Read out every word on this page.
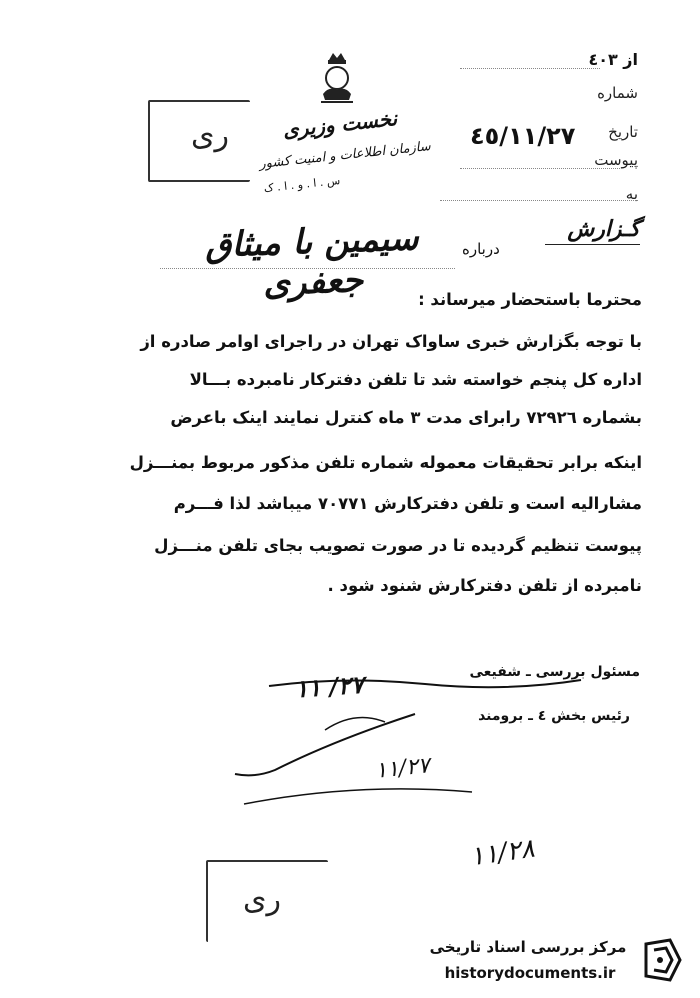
از ٤٠٣
شماره
تاریخ
٤٥/١١/٢٧
پیوست
به
ری	نخست وزیری
سازمان اطلاعات و امنیت کشور
س . ا . و . ا . ک
گـزارش
درباره
سیمین با میثاق جعفری	محترما باستحضار میرساند :
با توجه بگزارش خبری ساواک تهران در راجرای اوامر صادره از
اداره کل پنجم خواسته شد تا تلفن دفترکار نامبرده بـــالا
بشماره ٧٢٩٢٦ رابرای مدت ٣ ماه کنترل نمایند اینک باعرض
اینکه برابر تحقیقات معموله شماره تلفن مذکور مربوط بمنـــزل
مشارالیه است و تلفن دفترکارش ٧٠٧٧١ میباشد لذا فـــرم
پیوست تنظیم گردیده تا در صورت تصویب بجای تلفن منـــزل
نامبرده از تلفن دفترکارش شنود شود .
مسئول بررسی ـ شفیعی
٢٧/ ١١
رئیس بخش ٤ ـ برومند
١١/٢٧
١١/٢٨
ری
مرکز بررسی اسناد تاریخی
historydocuments.ir
